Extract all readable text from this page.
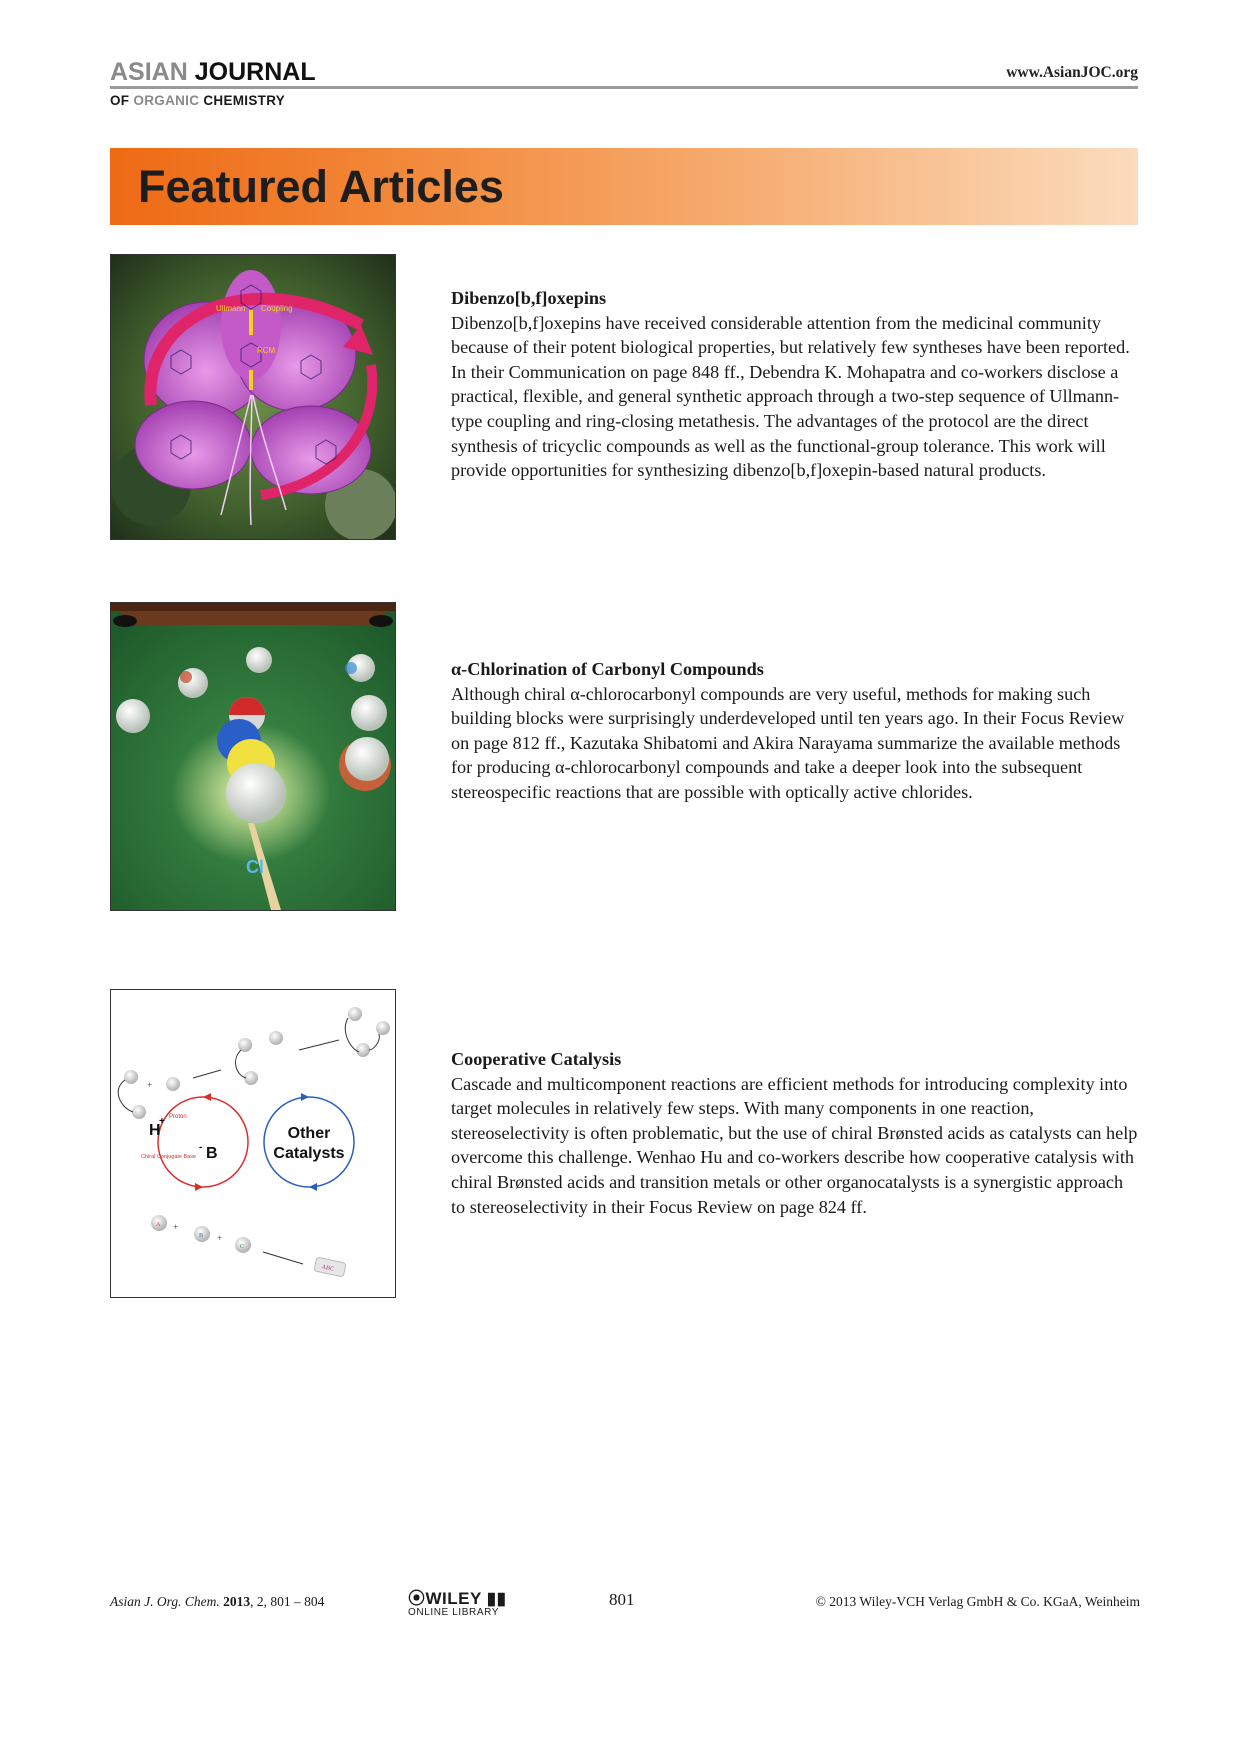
ASIAN JOURNAL
OF ORGANIC CHEMISTRY
www.AsianJOC.org
Featured Articles
Ullmann Coupling
RCM
Dibenzo[b,f]oxepins

Dibenzo[b,f]oxepins have received considerable attention from the medicinal community because of their potent biological properties, but relatively few syntheses have been reported. In their Communication on page 848 ff., Debendra K. Mohapatra and co-workers disclose a practical, flexible, and general synthetic approach through a two-step sequence of Ullmann-type coupling and ring-closing metathesis. The advantages of the protocol are the direct synthesis of tricyclic compounds as well as the functional-group tolerance. This work will provide opportunities for synthesizing dibenzo[b,f]oxepin-based natural products.

Cl
α-Chlorination of Carbonyl Compounds

Although chiral α-chlorocarbonyl compounds are very useful, methods for making such building blocks were surprisingly underdeveloped until ten years ago. In their Focus Review on page 812 ff., Kazutaka Shibatomi and Akira Narayama summarize the available methods for producing α-chlorocarbonyl compounds and take a deeper look into the subsequent stereospecific reactions that are possible with optically active chlorides.

+
H
+ Proton
B
-
Chiral Conjugate Base
Other
Catalysts
A +
B +
C
ABC
Cooperative Catalysis

Cascade and multicomponent reactions are efficient methods for introducing complexity into target molecules in relatively few steps. With many components in one reaction, stereoselectivity is often problematic, but the use of chiral Brønsted acids as catalysts can help overcome this challenge. Wenhao Hu and co-workers describe how cooperative catalysis with chiral Brønsted acids and transition metals or other organocatalysts is a synergistic approach to stereoselectivity in their Focus Review on page 824 ff.

Asian J. Org. Chem. 2013, 2, 801 – 804	⦿WILEY ▮▮
ONLINE LIBRARY
801	© 2013 Wiley-VCH Verlag GmbH & Co. KGaA, Weinheim
